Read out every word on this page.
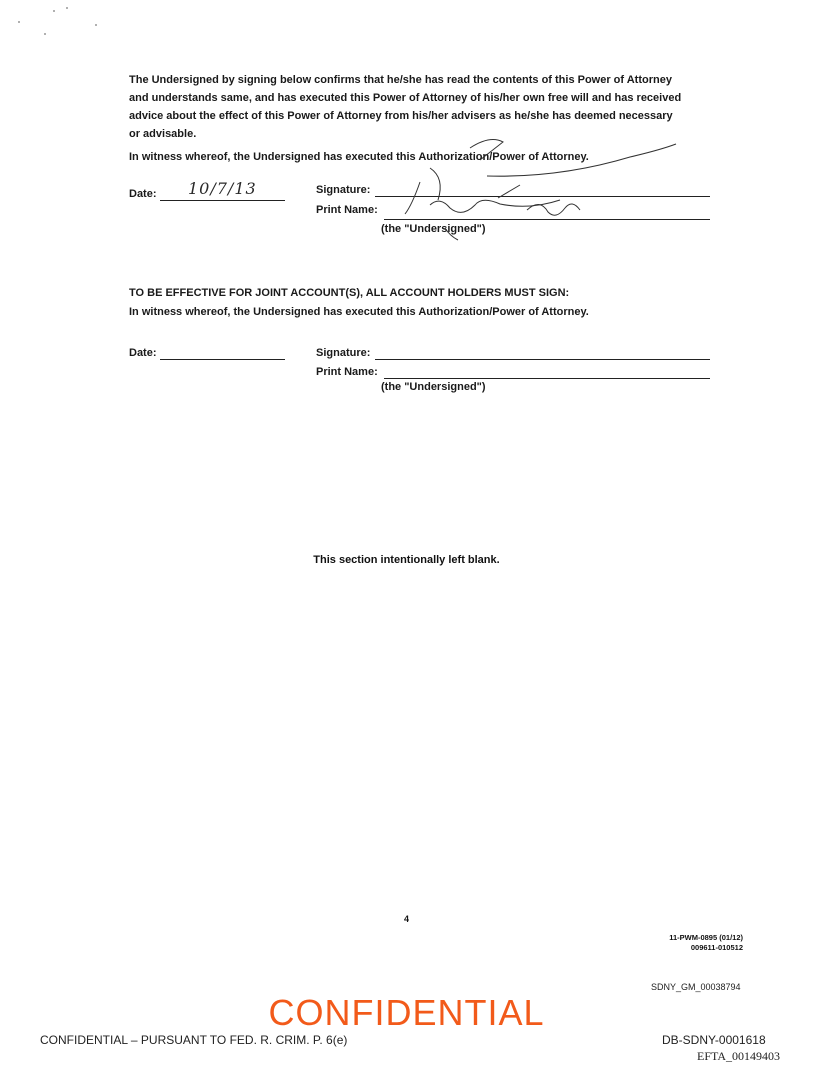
The Undersigned by signing below confirms that he/she has read the contents of this Power of Attorney and understands same, and has executed this Power of Attorney of his/her own free will and has received advice about the effect of this Power of Attorney from his/her advisers as he/she has deemed necessary or advisable.
In witness whereof, the Undersigned has executed this Authorization/Power of Attorney.
Date: 10/7/13	Signature:
Print Name:
(the "Undersigned")
TO BE EFFECTIVE FOR JOINT ACCOUNT(S), ALL ACCOUNT HOLDERS MUST SIGN:
In witness whereof, the Undersigned has executed this Authorization/Power of Attorney.
Date:	Signature:
Print Name:
(the "Undersigned")
This section intentionally left blank.
4
11-PWM-0895 (01/12)
009611-010512
SDNY_GM_00038794
CONFIDENTIAL
CONFIDENTIAL – PURSUANT TO FED. R. CRIM. P. 6(e)	DB-SDNY-0001618
EFTA_00149403
